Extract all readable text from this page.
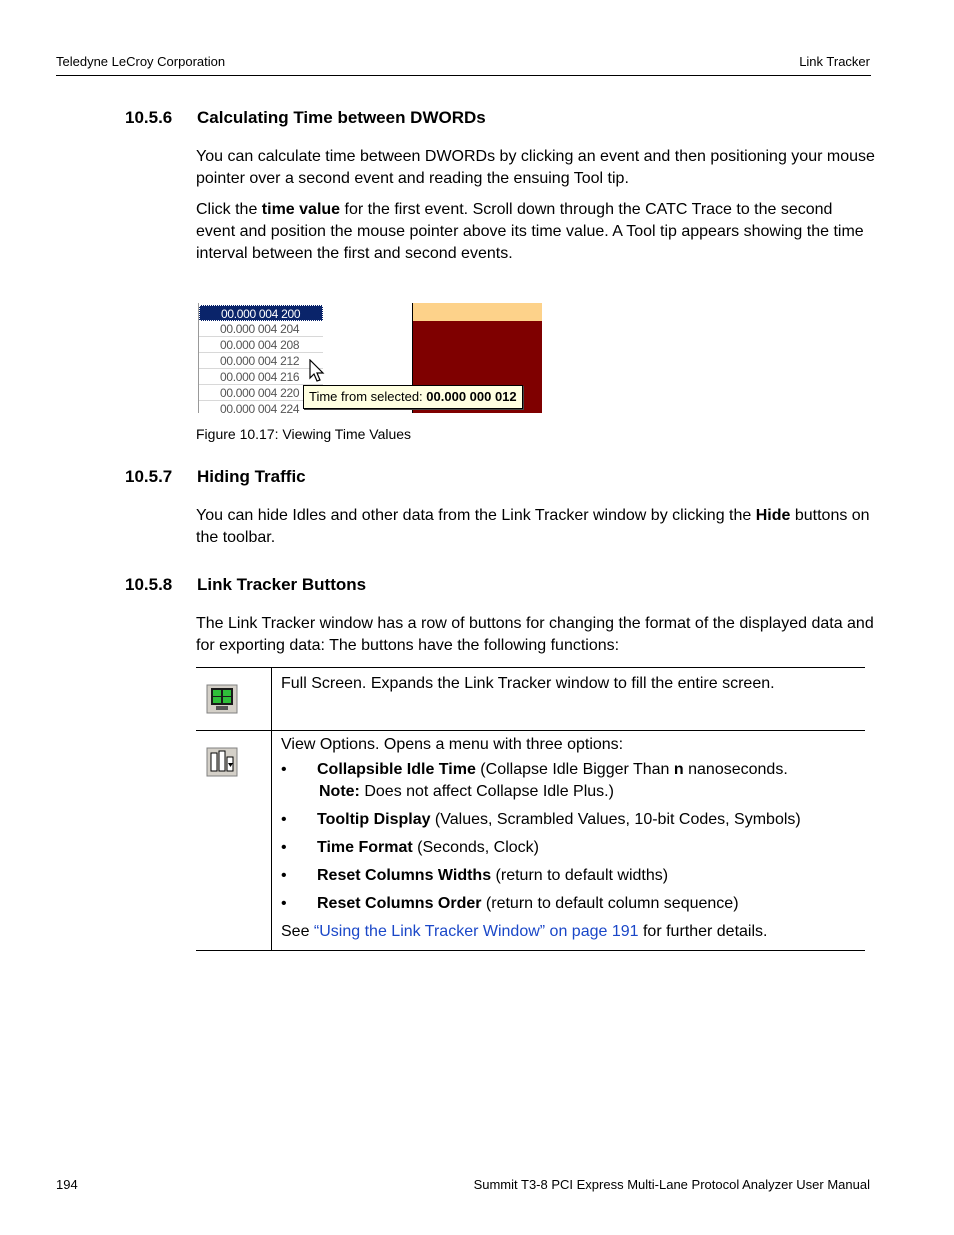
Teledyne LeCroy Corporation	Link Tracker
10.5.6 Calculating Time between DWORDs
You can calculate time between DWORDs by clicking an event and then positioning your mouse pointer over a second event and reading the ensuing Tool tip.
Click the time value for the first event. Scroll down through the CATC Trace to the second event and position the mouse pointer above its time value. A Tool tip appears showing the time interval between the first and second events.
00.000 004 200
00.000 004 204
00.000 004 208
00.000 004 212
00.000 004 216
00.000 004 220
00.000 004 224
Time from selected: 00.000 000 012
Figure 10.17: Viewing Time Values
10.5.7 Hiding Traffic
You can hide Idles and other data from the Link Tracker window by clicking the Hide buttons on the toolbar.
10.5.8 Link Tracker Buttons
The Link Tracker window has a row of buttons for changing the format of the displayed data and for exporting data: The buttons have the following functions:
Full Screen. Expands the Link Tracker window to fill the entire screen.
View Options. Opens a menu with three options:
• Collapsible Idle Time (Collapse Idle Bigger Than n nanoseconds.
Note: Does not affect Collapse Idle Plus.)
• Tooltip Display (Values, Scrambled Values, 10-bit Codes, Symbols)
• Time Format (Seconds, Clock)
• Reset Columns Widths (return to default widths)
• Reset Columns Order (return to default column sequence)
See “Using the Link Tracker Window” on page 191 for further details.
194	Summit T3-8 PCI Express Multi-Lane Protocol Analyzer User Manual
